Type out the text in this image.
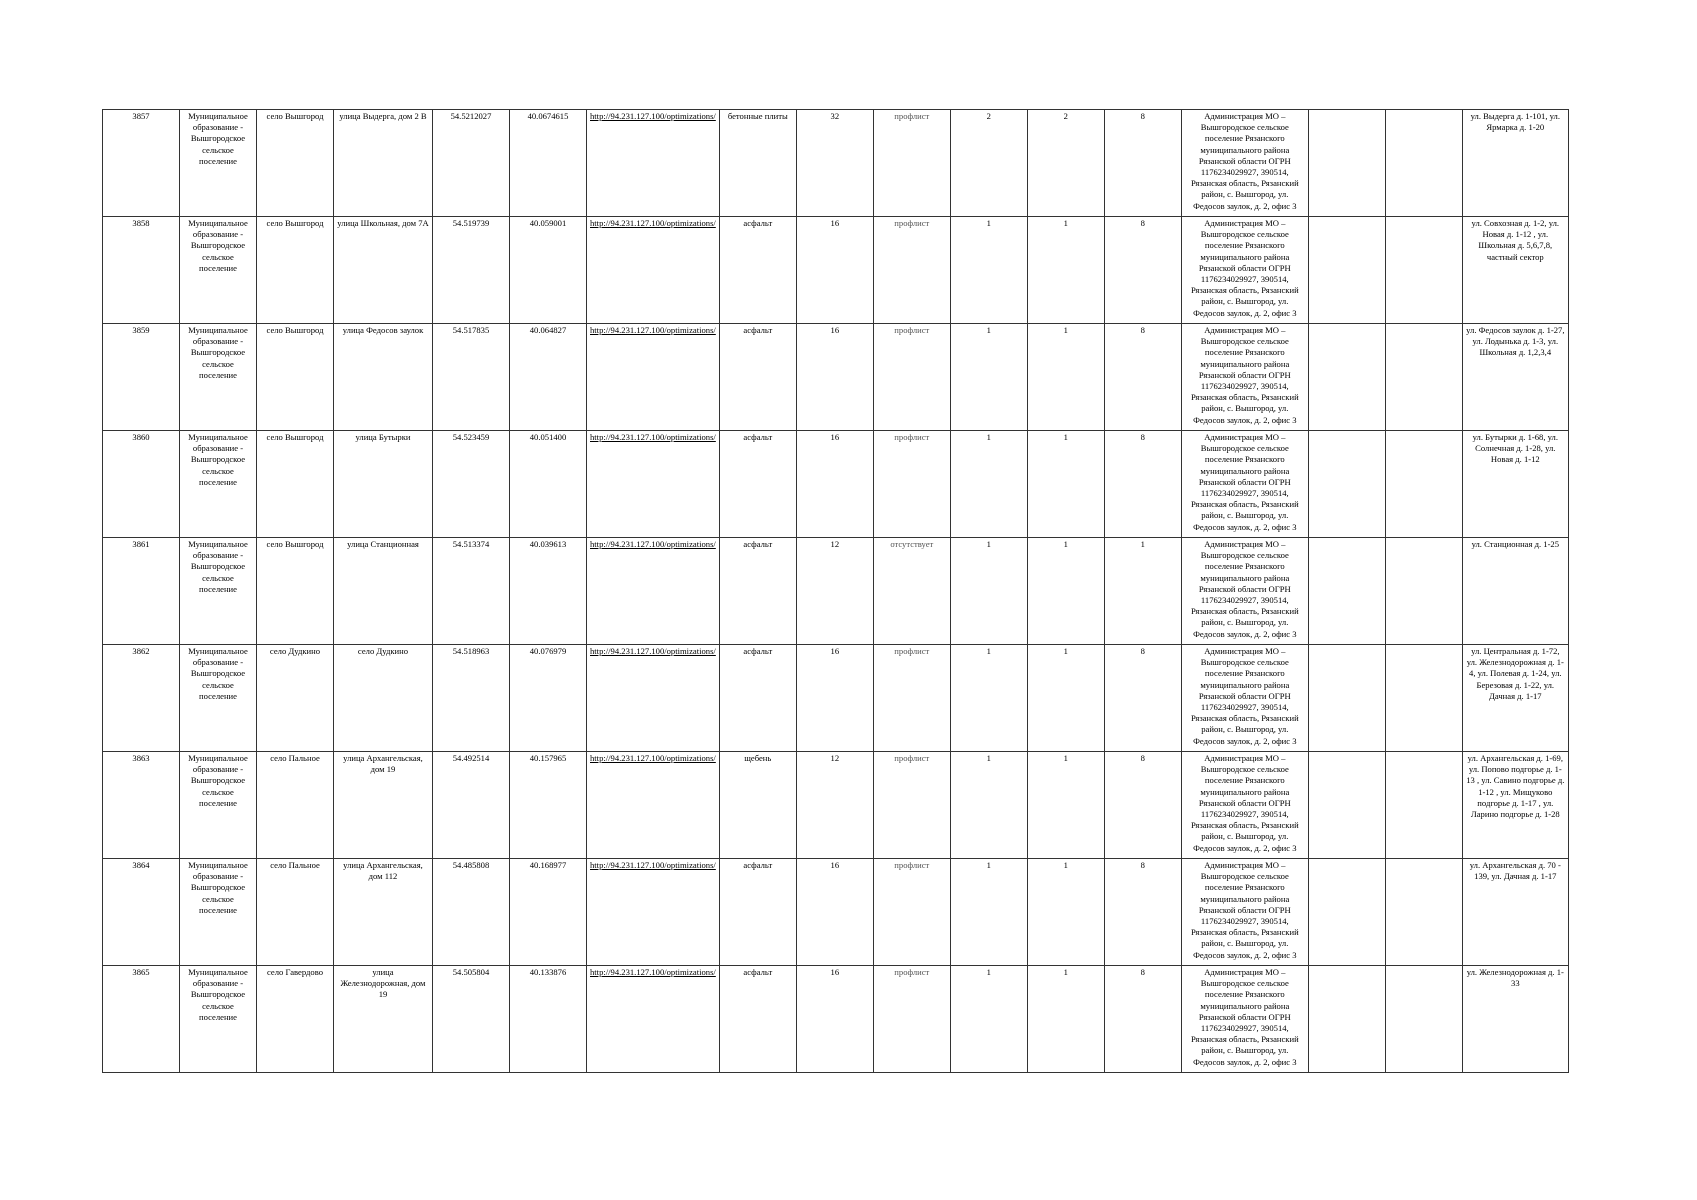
3857	Муниципальное образование - Вышгородское сельское поселение	село Вышгород	улица Выдерга, дом 2 В	54.5212027	40.0674615	http://94.231.127.100/optimizations/	бетонные плиты	32	профлист	2	2	8	Администрация МО – Вышгородское сельское поселение Рязанского муниципального района Рязанской области ОГРН 1176234029927, 390514, Рязанская область, Рязанский район, с. Вышгород, ул. Федосов заулок, д. 2, офис 3			ул. Выдерга д. 1-101, ул. Ярмарка д. 1-20
3858	Муниципальное образование - Вышгородское сельское поселение	село Вышгород	улица Школьная, дом 7А	54.519739	40.059001	http://94.231.127.100/optimizations/	асфальт	16	профлист	1	1	8	Администрация МО – Вышгородское сельское поселение Рязанского муниципального района Рязанской области ОГРН 1176234029927, 390514, Рязанская область, Рязанский район, с. Вышгород, ул. Федосов заулок, д. 2, офис 3			ул. Совхозная д. 1-2, ул. Новая д. 1-12 , ул. Школьная д. 5,6,7,8, частный сектор
3859	Муниципальное образование - Вышгородское сельское поселение	село Вышгород	улица Федосов заулок	54.517835	40.064827	http://94.231.127.100/optimizations/	асфальт	16	профлист	1	1	8	Администрация МО – Вышгородское сельское поселение Рязанского муниципального района Рязанской области ОГРН 1176234029927, 390514, Рязанская область, Рязанский район, с. Вышгород, ул. Федосов заулок, д. 2, офис 3			ул. Федосов заулок д. 1-27, ул. Лодынька д. 1-3, ул. Школьная д. 1,2,3,4
3860	Муниципальное образование - Вышгородское сельское поселение	село Вышгород	улица Бутырки	54.523459	40.051400	http://94.231.127.100/optimizations/	асфальт	16	профлист	1	1	8	Администрация МО – Вышгородское сельское поселение Рязанского муниципального района Рязанской области ОГРН 1176234029927, 390514, Рязанская область, Рязанский район, с. Вышгород, ул. Федосов заулок, д. 2, офис 3			ул. Бутырки д. 1-68, ул. Солнечная д. 1-28, ул. Новая д. 1-12
3861	Муниципальное образование - Вышгородское сельское поселение	село Вышгород	улица Станционная	54.513374	40.039613	http://94.231.127.100/optimizations/	асфальт	12	отсутствует	1	1	1	Администрация МО – Вышгородское сельское поселение Рязанского муниципального района Рязанской области ОГРН 1176234029927, 390514, Рязанская область, Рязанский район, с. Вышгород, ул. Федосов заулок, д. 2, офис 3			ул. Станционная д. 1-25
3862	Муниципальное образование - Вышгородское сельское поселение	село Дудкино	село Дудкино	54.518963	40.076979	http://94.231.127.100/optimizations/	асфальт	16	профлист	1	1	8	Администрация МО – Вышгородское сельское поселение Рязанского муниципального района Рязанской области ОГРН 1176234029927, 390514, Рязанская область, Рязанский район, с. Вышгород, ул. Федосов заулок, д. 2, офис 3			ул. Центральная д. 1-72, ул. Железнодорожная д. 1-4, ул. Полевая д. 1-24, ул. Березовая д. 1-22, ул. Дачная д. 1-17
3863	Муниципальное образование - Вышгородское сельское поселение	село Пальное	улица Архангельская, дом 19	54.492514	40.157965	http://94.231.127.100/optimizations/	щебень	12	профлист	1	1	8	Администрация МО – Вышгородское сельское поселение Рязанского муниципального района Рязанской области ОГРН 1176234029927, 390514, Рязанская область, Рязанский район, с. Вышгород, ул. Федосов заулок, д. 2, офис 3			ул. Архангельская д. 1-69, ул. Попово подгорье д. 1-13 , ул. Савино подгорье д. 1-12 , ул. Мищуково подгорье д. 1-17 , ул. Ларино подгорье д. 1-28
3864	Муниципальное образование - Вышгородское сельское поселение	село Пальное	улица Архангельская, дом 112	54.485808	40.168977	http://94.231.127.100/optimizations/	асфальт	16	профлист	1	1	8	Администрация МО – Вышгородское сельское поселение Рязанского муниципального района Рязанской области ОГРН 1176234029927, 390514, Рязанская область, Рязанский район, с. Вышгород, ул. Федосов заулок, д. 2, офис 3			ул. Архангельская д. 70 - 139, ул. Дачная д. 1-17
3865	Муниципальное образование - Вышгородское сельское поселение	село Гавердово	улица Железнодорожная, дом 19	54.505804	40.133876	http://94.231.127.100/optimizations/	асфальт	16	профлист	1	1	8	Администрация МО – Вышгородское сельское поселение Рязанского муниципального района Рязанской области ОГРН 1176234029927, 390514, Рязанская область, Рязанский район, с. Вышгород, ул. Федосов заулок, д. 2, офис 3			ул. Железнодорожная д. 1-33
